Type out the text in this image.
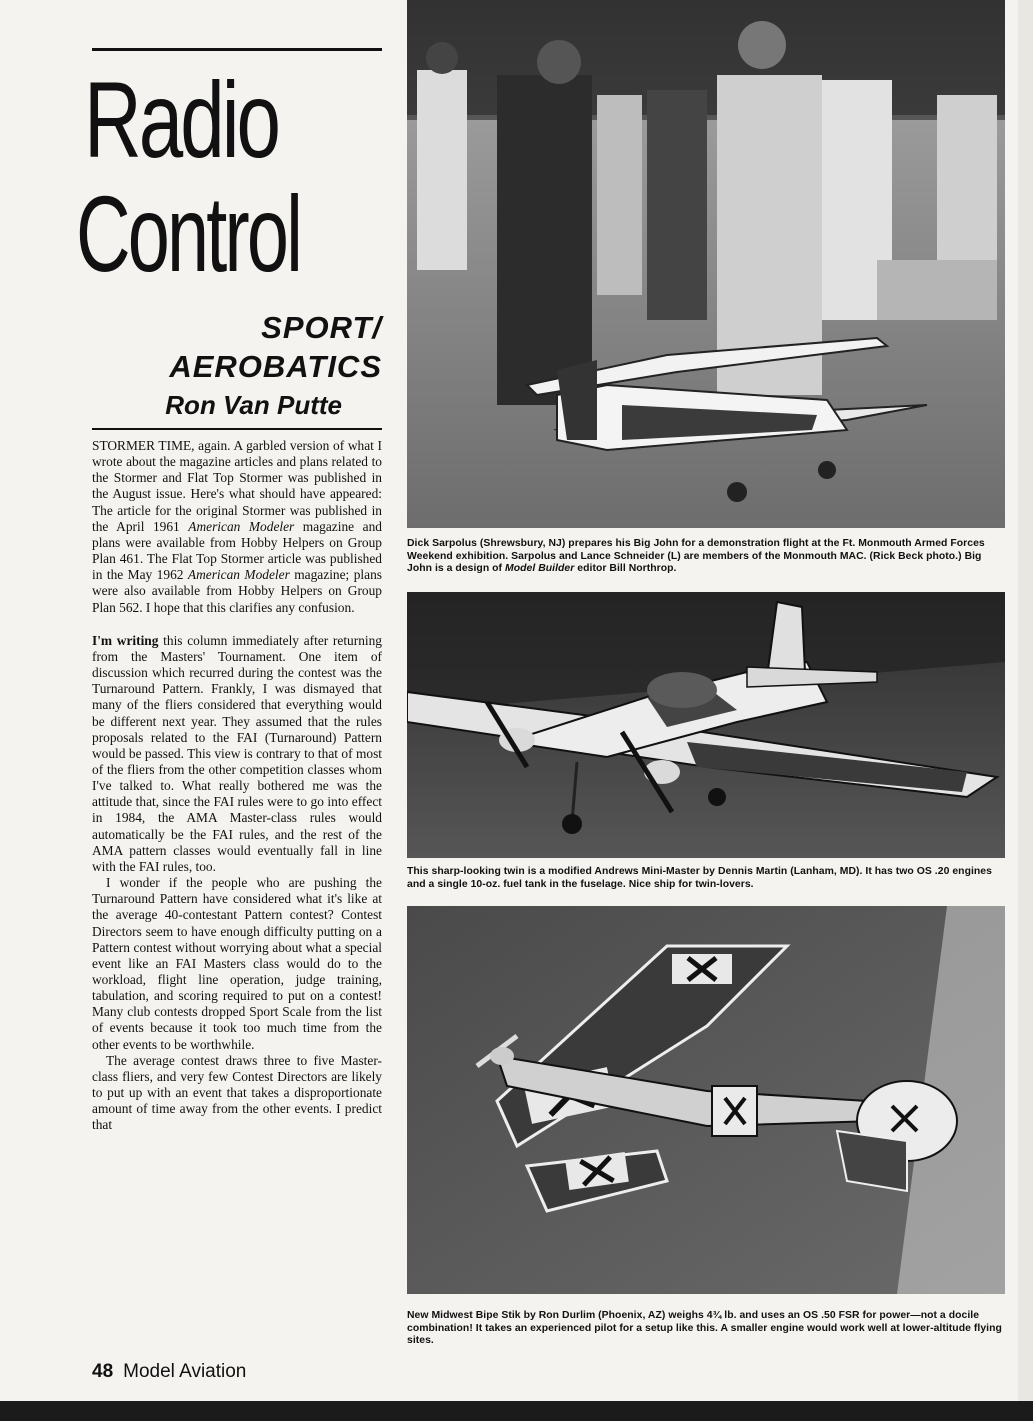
Radio
Control
SPORT/
AEROBATICS
Ron Van Putte

STORMER TIME, again. A garbled version of what I wrote about the magazine articles and plans related to the Stormer and Flat Top Stormer was published in the August issue. Here's what should have appeared: The article for the original Stormer was published in the April 1961 American Modeler magazine and plans were available from Hobby Helpers on Group Plan 461. The Flat Top Stormer article was published in the May 1962 American Modeler magazine; plans were also available from Hobby Helpers on Group Plan 562. I hope that this clarifies any confusion.

I'm writing this column immediately after returning from the Masters' Tournament. One item of discussion which recurred during the contest was the Turnaround Pattern. Frankly, I was dismayed that many of the fliers considered that everything would be different next year. They assumed that the rules proposals related to the FAI (Turnaround) Pattern would be passed. This view is contrary to that of most of the fliers from the other competition classes whom I've talked to. What really bothered me was the attitude that, since the FAI rules were to go into effect in 1984, the AMA Master-class rules would automatically be the FAI rules, and the rest of the AMA pattern classes would eventually fall in line with the FAI rules, too.

I wonder if the people who are pushing the Turnaround Pattern have considered what it's like at the average 40-contestant Pattern contest? Contest Directors seem to have enough difficulty putting on a Pattern contest without worrying about what a special event like an FAI Masters class would do to the workload, flight line operation, judge training, tabulation, and scoring required to put on a contest! Many club contests dropped Sport Scale from the list of events because it took too much time from the other events to be worthwhile.

The average contest draws three to five Master-class fliers, and very few Contest Directors are likely to put up with an event that takes a disproportionate amount of time away from the other events. I predict that

48 Model Aviation
Dick Sarpolus (Shrewsbury, NJ) prepares his Big John for a demonstration flight at the Ft. Monmouth Armed Forces Weekend exhibition. Sarpolus and Lance Schneider (L) are members of the Monmouth MAC. (Rick Beck photo.) Big John is a design of Model Builder editor Bill Northrop.
This sharp-looking twin is a modified Andrews Mini-Master by Dennis Martin (Lanham, MD). It has two OS .20 engines and a single 10-oz. fuel tank in the fuselage. Nice ship for twin-lovers.
New Midwest Bipe Stik by Ron Durlim (Phoenix, AZ) weighs 4¾ lb. and uses an OS .50 FSR for power—not a docile combination! It takes an experienced pilot for a setup like this. A smaller engine would work well at lower-altitude flying sites.
